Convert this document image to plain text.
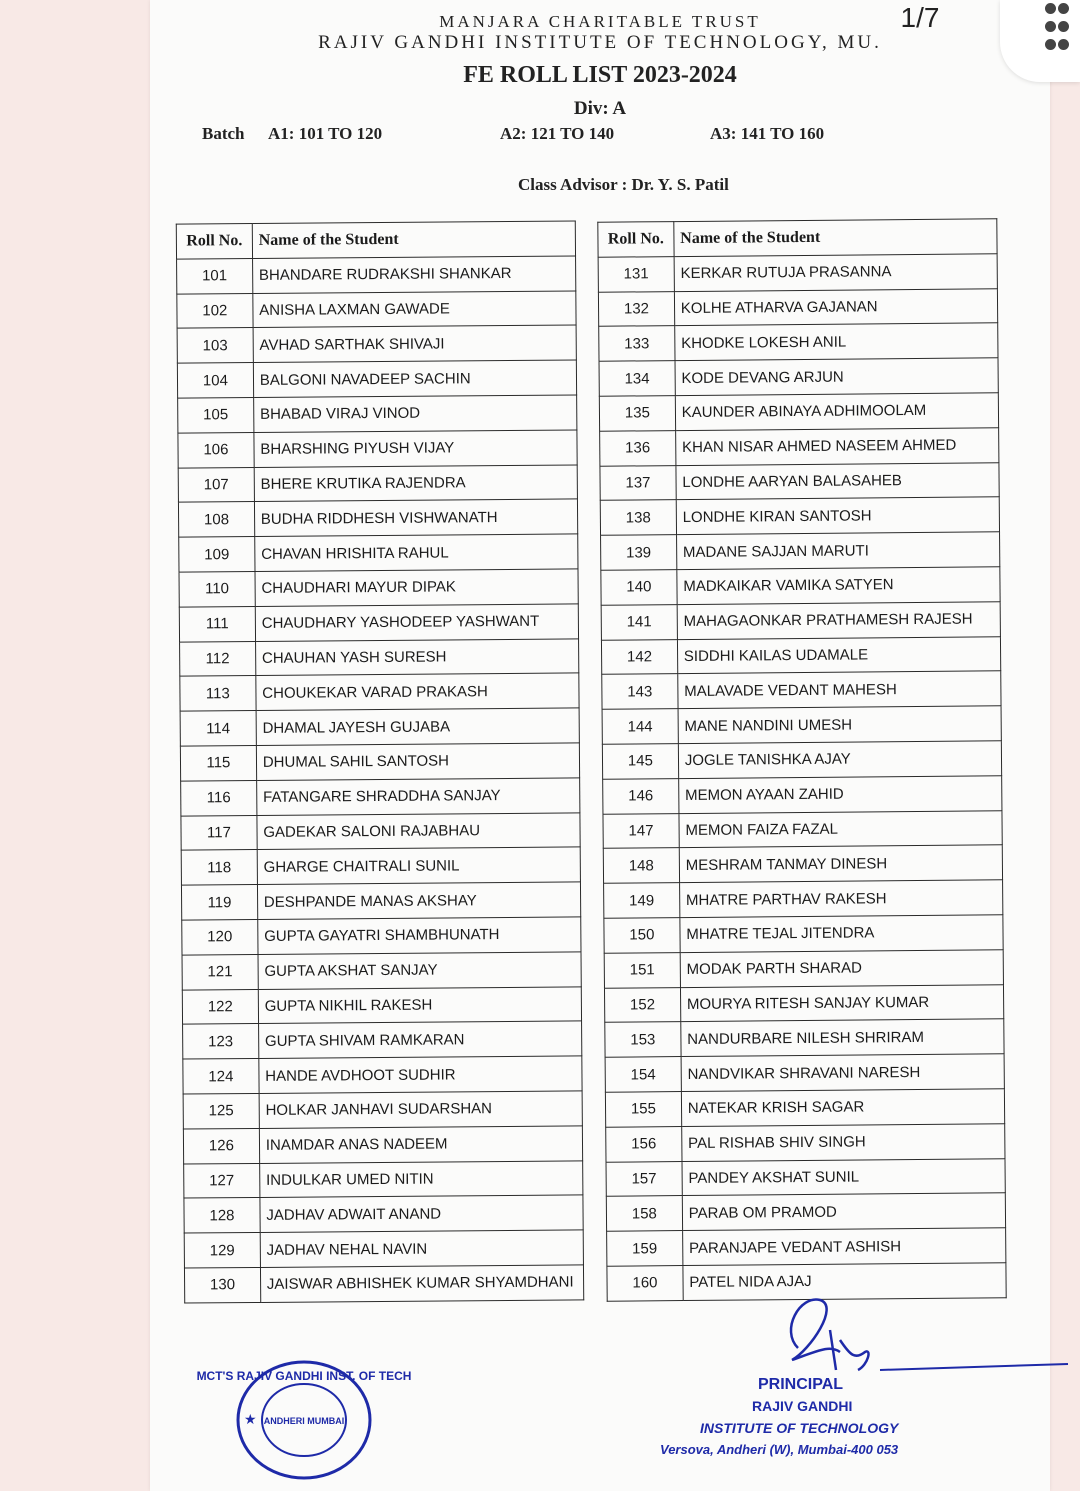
MANJARA CHARITABLE TRUST
RAJIV GANDHI INSTITUTE OF TECHNOLOGY, MU.
FE ROLL LIST 2023-2024
Div: A
Batch A1: 101 TO 120	A2: 121 TO 140	A3: 141 TO 160
Class Advisor : Dr. Y. S. Patil
Roll No.	Name of the Student
101	BHANDARE RUDRAKSHI SHANKAR
102	ANISHA LAXMAN GAWADE
103	AVHAD SARTHAK SHIVAJI
104	BALGONI NAVADEEP SACHIN
105	BHABAD VIRAJ VINOD
106	BHARSHING PIYUSH VIJAY
107	BHERE KRUTIKA RAJENDRA
108	BUDHA RIDDHESH VISHWANATH
109	CHAVAN HRISHITA RAHUL
110	CHAUDHARI MAYUR DIPAK
111	CHAUDHARY YASHODEEP YASHWANT
112	CHAUHAN YASH SURESH
113	CHOUKEKAR VARAD PRAKASH
114	DHAMAL JAYESH GUJABA
115	DHUMAL SAHIL SANTOSH
116	FATANGARE SHRADDHA SANJAY
117	GADEKAR SALONI RAJABHAU
118	GHARGE CHAITRALI SUNIL
119	DESHPANDE MANAS AKSHAY
120	GUPTA GAYATRI SHAMBHUNATH
121	GUPTA AKSHAT SANJAY
122	GUPTA NIKHIL RAKESH
123	GUPTA SHIVAM RAMKARAN
124	HANDE AVDHOOT SUDHIR
125	HOLKAR JANHAVI SUDARSHAN
126	INAMDAR ANAS NADEEM
127	INDULKAR UMED NITIN
128	JADHAV ADWAIT ANAND
129	JADHAV NEHAL NAVIN
130	JAISWAR ABHISHEK KUMAR SHYAMDHANI
Roll No.	Name of the Student
131	KERKAR RUTUJA PRASANNA
132	KOLHE ATHARVA GAJANAN
133	KHODKE LOKESH ANIL
134	KODE DEVANG ARJUN
135	KAUNDER ABINAYA ADHIMOOLAM
136	KHAN NISAR AHMED NASEEM AHMED
137	LONDHE AARYAN BALASAHEB
138	LONDHE KIRAN SANTOSH
139	MADANE SAJJAN MARUTI
140	MADKAIKAR VAMIKA SATYEN
141	MAHAGAONKAR PRATHAMESH RAJESH
142	SIDDHI KAILAS UDAMALE
143	MALAVADE VEDANT MAHESH
144	MANE NANDINI UMESH
145	JOGLE TANISHKA AJAY
146	MEMON AYAAN ZAHID
147	MEMON FAIZA FAZAL
148	MESHRAM TANMAY DINESH
149	MHATRE PARTHAV RAKESH
150	MHATRE TEJAL JITENDRA
151	MODAK PARTH SHARAD
152	MOURYA RITESH SANJAY KUMAR
153	NANDURBARE NILESH SHRIRAM
154	NANDVIKAR SHRAVANI NARESH
155	NATEKAR KRISH SAGAR
156	PAL RISHAB SHIV SINGH
157	PANDEY AKSHAT SUNIL
158	PARAB OM PRAMOD
159	PARANJAPE VEDANT ASHISH
160	PATEL NIDA AJAJ
MCT'S RAJIV GANDHI INST. OF TECH
ANDHERI MUMBAI
★
PRINCIPAL
RAJIV GANDHI
INSTITUTE OF TECHNOLOGY
Versova, Andheri (W), Mumbai-400 053
1/7
